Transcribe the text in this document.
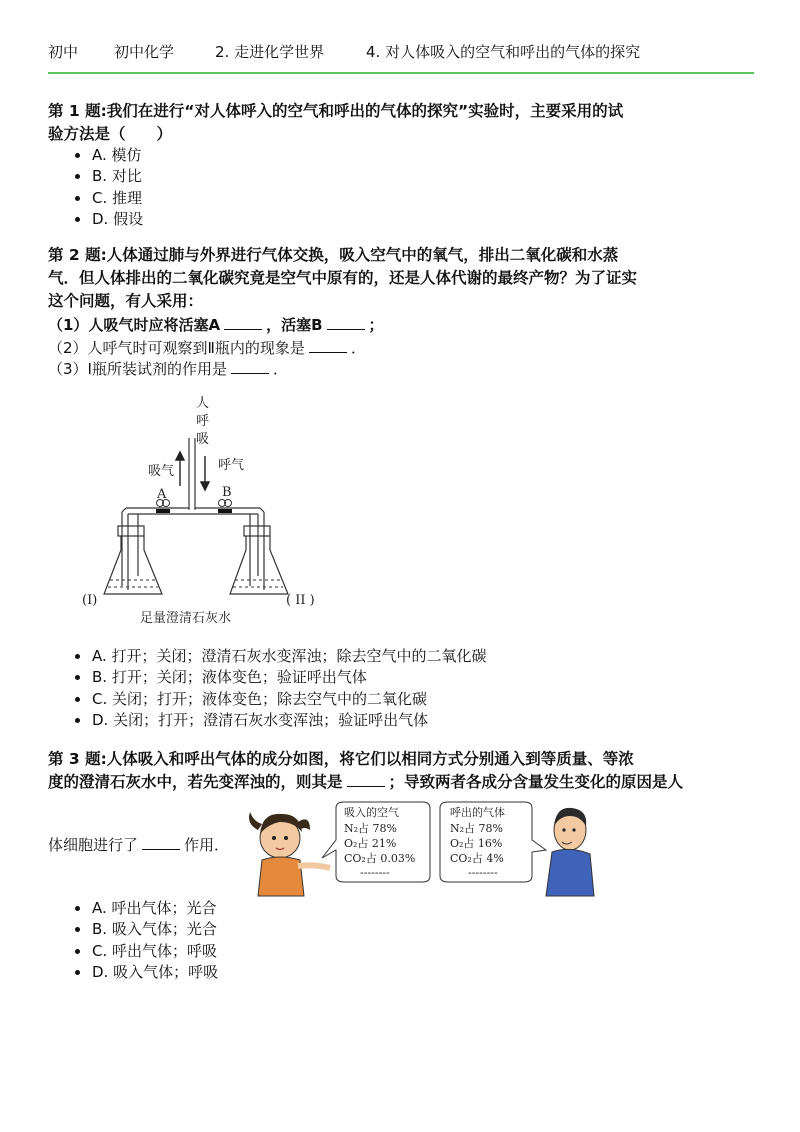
初中 初中化学	2. 走进化学世界	4. 对人体吸入的空气和呼出的气体的探究
第 1 题:我们在进行“对人体呼入的空气和呼出的气体的探究”实验时，主要采用的试
验方法是（　　）
A. 模仿
B. 对比
C. 推理
D. 假设
第 2 题:人体通过肺与外界进行气体交换，吸入空气中的氧气，排出二氧化碳和水蒸
气．但人体排出的二氧化碳究竟是空气中原有的，还是人体代谢的最终产物？为了证实
这个问题，有人采用：
（1）人吸气时应将活塞A	，活塞B	；
（2）人呼气时可观察到Ⅱ瓶内的现象是	．
（3）Ⅰ瓶所装试剂的作用是	．
人
呼
吸
吸气	呼气
A	B
(I)	( II )
足量澄清石灰水
A. 打开；关闭；澄清石灰水变浑浊；除去空气中的二氧化碳
B. 打开；关闭；液体变色；验证呼出气体
C. 关闭；打开；液体变色；除去空气中的二氧化碳
D. 关闭；打开；澄清石灰水变浑浊；验证呼出气体
第 3 题:人体吸入和呼出气体的成分如图，将它们以相同方式分别通入到等质量、等浓
度的澄清石灰水中，若先变浑浊的，则其是	；导致两者各成分含量发生变化的原因是人
体细胞进行了	作用．
吸入的空气
N₂占 78%
O₂占 21%
CO₂占 0.03%
--------
呼出的气体
N₂占 78%
O₂占 16%
CO₂占 4%
--------
A. 呼出气体；光合
B. 吸入气体；光合
C. 呼出气体；呼吸
D. 吸入气体；呼吸
